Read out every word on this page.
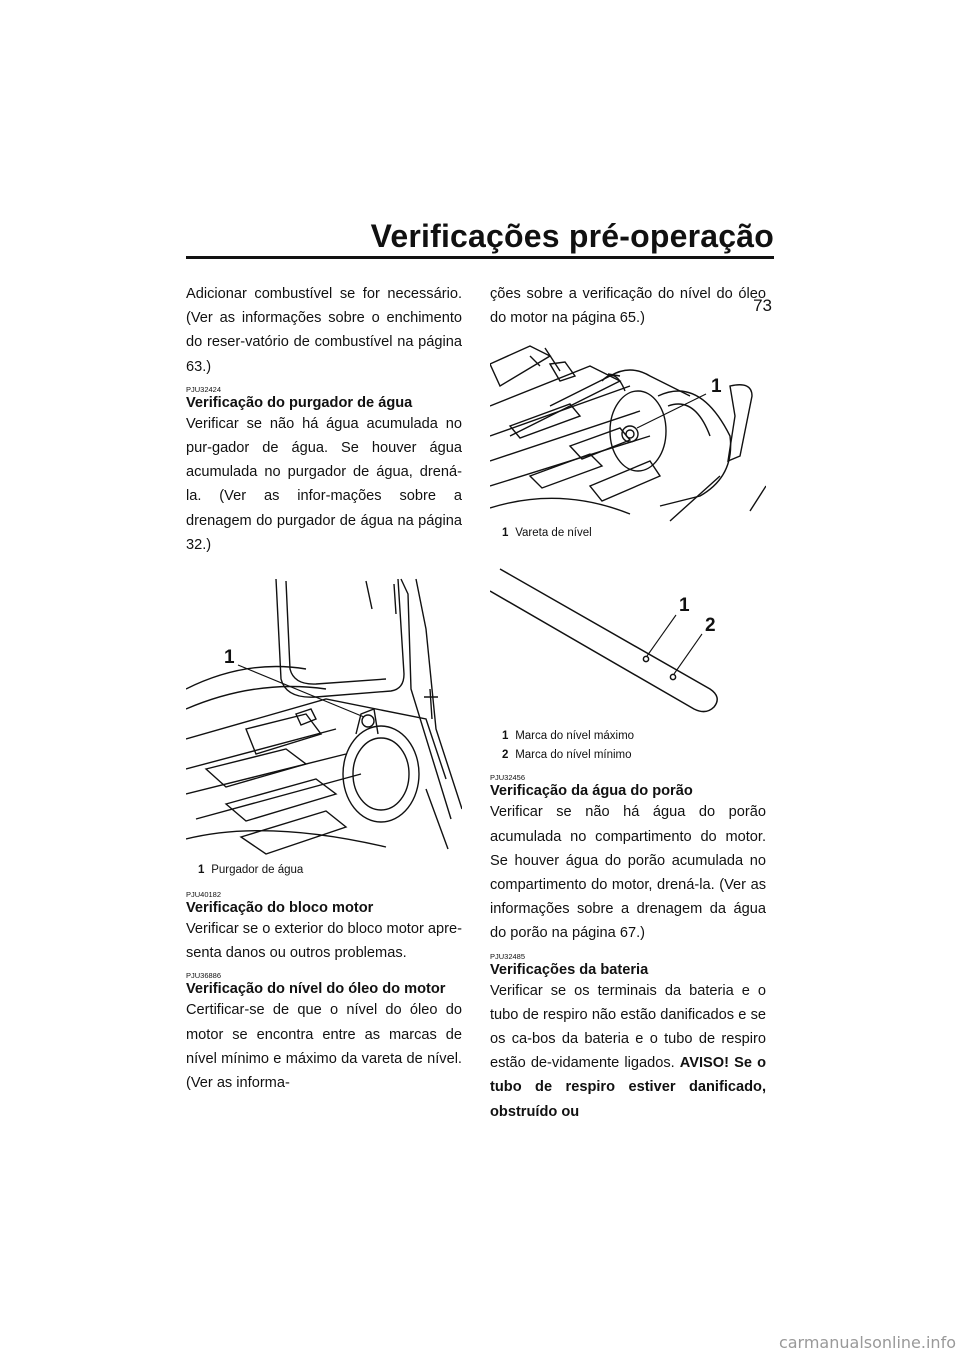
Verificações pré-operação
73

Adicionar combustível se for necessário. (Ver as informações sobre o enchimento do reser-vatório de combustível na página 63.)

PJU32424
Verificação do purgador de água

Verificar se não há água acumulada no pur-gador de água. Se houver água acumulada no purgador de água, drená-la. (Ver as infor-mações sobre a drenagem do purgador de água na página 32.)

1
1 Purgador de água
PJU40182
Verificação do bloco motor

Verificar se o exterior do bloco motor apre-senta danos ou outros problemas.

PJU36886
Verificação do nível do óleo do motor

Certificar-se de que o nível do óleo do motor se encontra entre as marcas de nível mínimo e máximo da vareta de nível. (Ver as informa-

ções sobre a verificação do nível do óleo do motor na página 65.)

1
1 Vareta de nível
1
2
1 Marca do nível máximo
2 Marca do nível mínimo
PJU32456
Verificação da água do porão

Verificar se não há água do porão acumulada no compartimento do motor. Se houver água do porão acumulada no compartimento do motor, drená-la. (Ver as informações sobre a drenagem da água do porão na página 67.)

PJU32485
Verificações da bateria

Verificar se os terminais da bateria e o tubo de respiro não estão danificados e se os ca-bos da bateria e o tubo de respiro estão de-vidamente ligados. AVISO! Se o tubo de respiro estiver danificado, obstruído ou

carmanualsonline.info
